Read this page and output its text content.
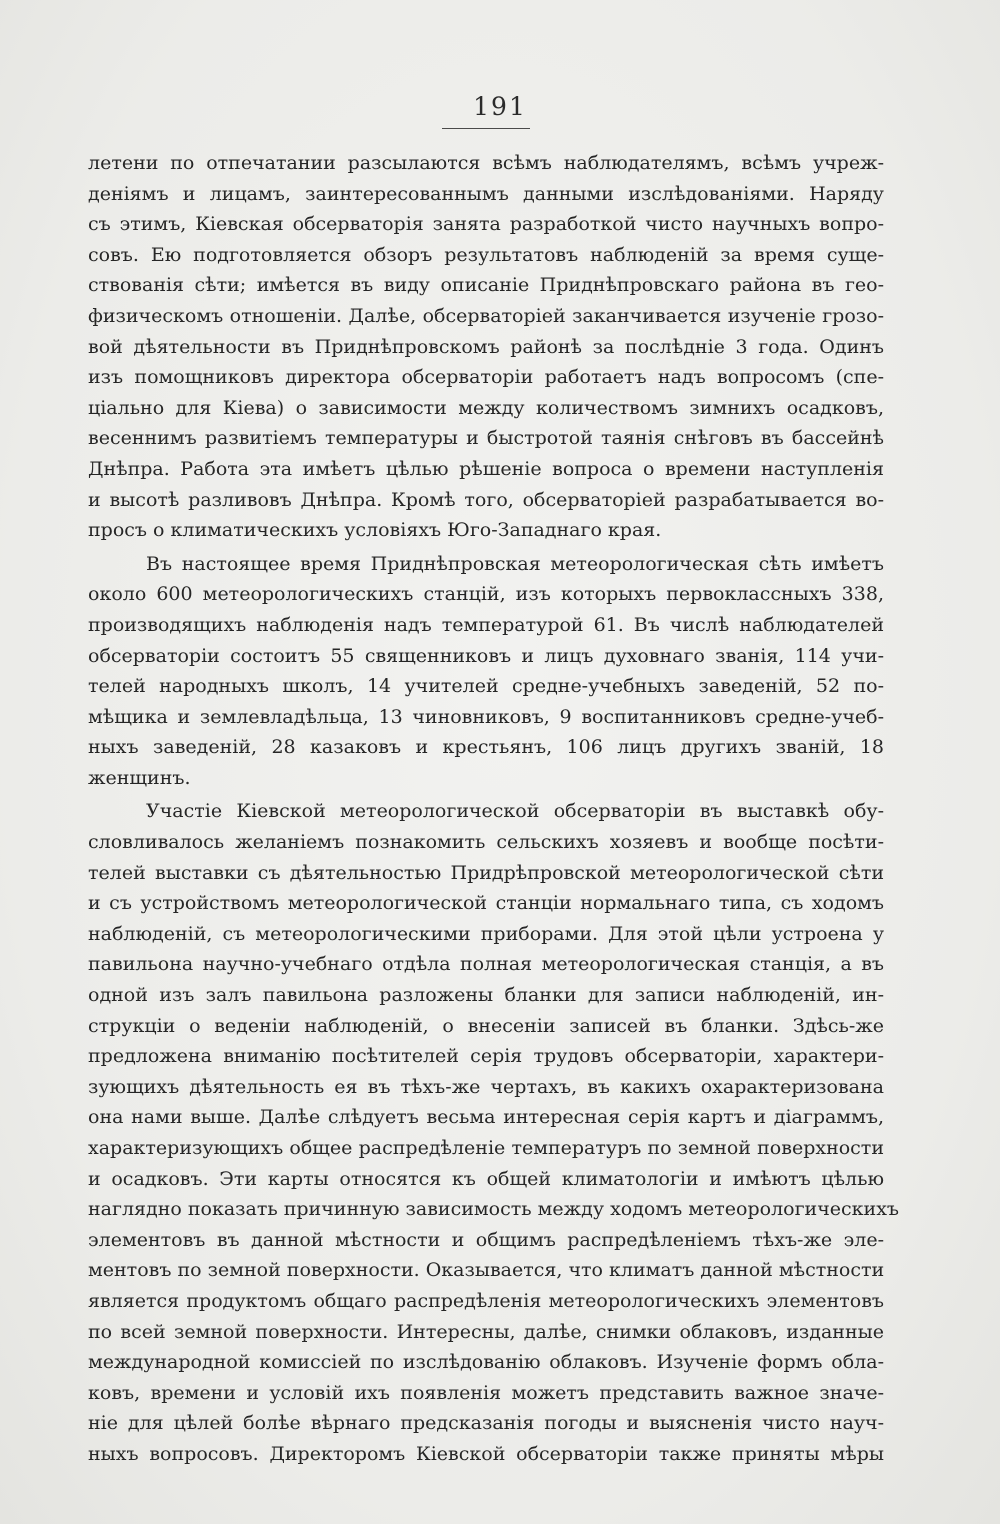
191
летени по отпечатании разсылаются всѣмъ наблюдателямъ, всѣмъ учреж-
деніямъ и лицамъ, заинтересованнымъ данными изслѣдованіями. Наряду
съ этимъ, Кіевская обсерваторія занята разработкой чисто научныхъ вопро-
совъ. Ею подготовляется обзоръ результатовъ наблюденій за время суще-
ствованія сѣти; имѣется въ виду описаніе Приднѣпровскаго района въ гео-
физическомъ отношеніи. Далѣе, обсерваторіей заканчивается изученіе грозо-
вой дѣятельности въ Приднѣпровскомъ районѣ за послѣдніе 3 года. Одинъ
изъ помощниковъ директора обсерваторіи работаетъ надъ вопросомъ (спе-
ціально для Кіева) о зависимости между количествомъ зимнихъ осадковъ,
весеннимъ развитіемъ температуры и быстротой таянія снѣговъ въ бассейнѣ
Днѣпра. Работа эта имѣетъ цѣлью рѣшеніе вопроса о времени наступленія
и высотѣ разливовъ Днѣпра. Кромѣ того, обсерваторіей разрабатывается во-
просъ о климатическихъ условіяхъ Юго-Западнаго края.
Въ настоящее время Приднѣпровская метеорологическая сѣть имѣетъ
около 600 метеорологическихъ станцій, изъ которыхъ первоклассныхъ 338,
производящихъ наблюденія надъ температурой 61. Въ числѣ наблюдателей
обсерваторіи состоитъ 55 священниковъ и лицъ духовнаго званія, 114 учи-
телей народныхъ школъ, 14 учителей средне-учебныхъ заведеній, 52 по-
мѣщика и землевладѣльца, 13 чиновниковъ, 9 воспитанниковъ средне-учеб-
ныхъ заведеній, 28 казаковъ и крестьянъ, 106 лицъ другихъ званій, 18
женщинъ.
Участіе Кіевской метеорологической обсерваторіи въ выставкѣ обу-
словливалось желаніемъ познакомить сельскихъ хозяевъ и вообще посѣти-
телей выставки съ дѣятельностью Придрѣпровской метеорологической сѣти
и съ устройствомъ метеорологической станціи нормальнаго типа, съ ходомъ
наблюденій, съ метеорологическими приборами. Для этой цѣли устроена у
павильона научно-учебнаго отдѣла полная метеорологическая станція, а въ
одной изъ залъ павильона разложены бланки для записи наблюденій, ин-
струкціи о веденіи наблюденій, о внесеніи записей въ бланки. Здѣсь-же
предложена вниманію посѣтителей серія трудовъ обсерваторіи, характери-
зующихъ дѣятельность ея въ тѣхъ-же чертахъ, въ какихъ охарактеризована
она нами выше. Далѣе слѣдуетъ весьма интересная серія картъ и діаграммъ,
характеризующихъ общее распредѣленіе температуръ по земной поверхности
и осадковъ. Эти карты относятся къ общей климатологіи и имѣютъ цѣлью
наглядно показать причинную зависимость между ходомъ метеорологическихъ
элементовъ въ данной мѣстности и общимъ распредѣленіемъ тѣхъ-же эле-
ментовъ по земной поверхности. Оказывается, что климатъ данной мѣстности
является продуктомъ общаго распредѣленія метеорологическихъ элементовъ
по всей земной поверхности. Интересны, далѣе, снимки облаковъ, изданные
международной комиссіей по изслѣдованію облаковъ. Изученіе формъ обла-
ковъ, времени и условій ихъ появленія можетъ представить важное значе-
ніе для цѣлей болѣе вѣрнаго предсказанія погоды и выясненія чисто науч-
ныхъ вопросовъ. Директоромъ Кіевской обсерваторіи также приняты мѣры
